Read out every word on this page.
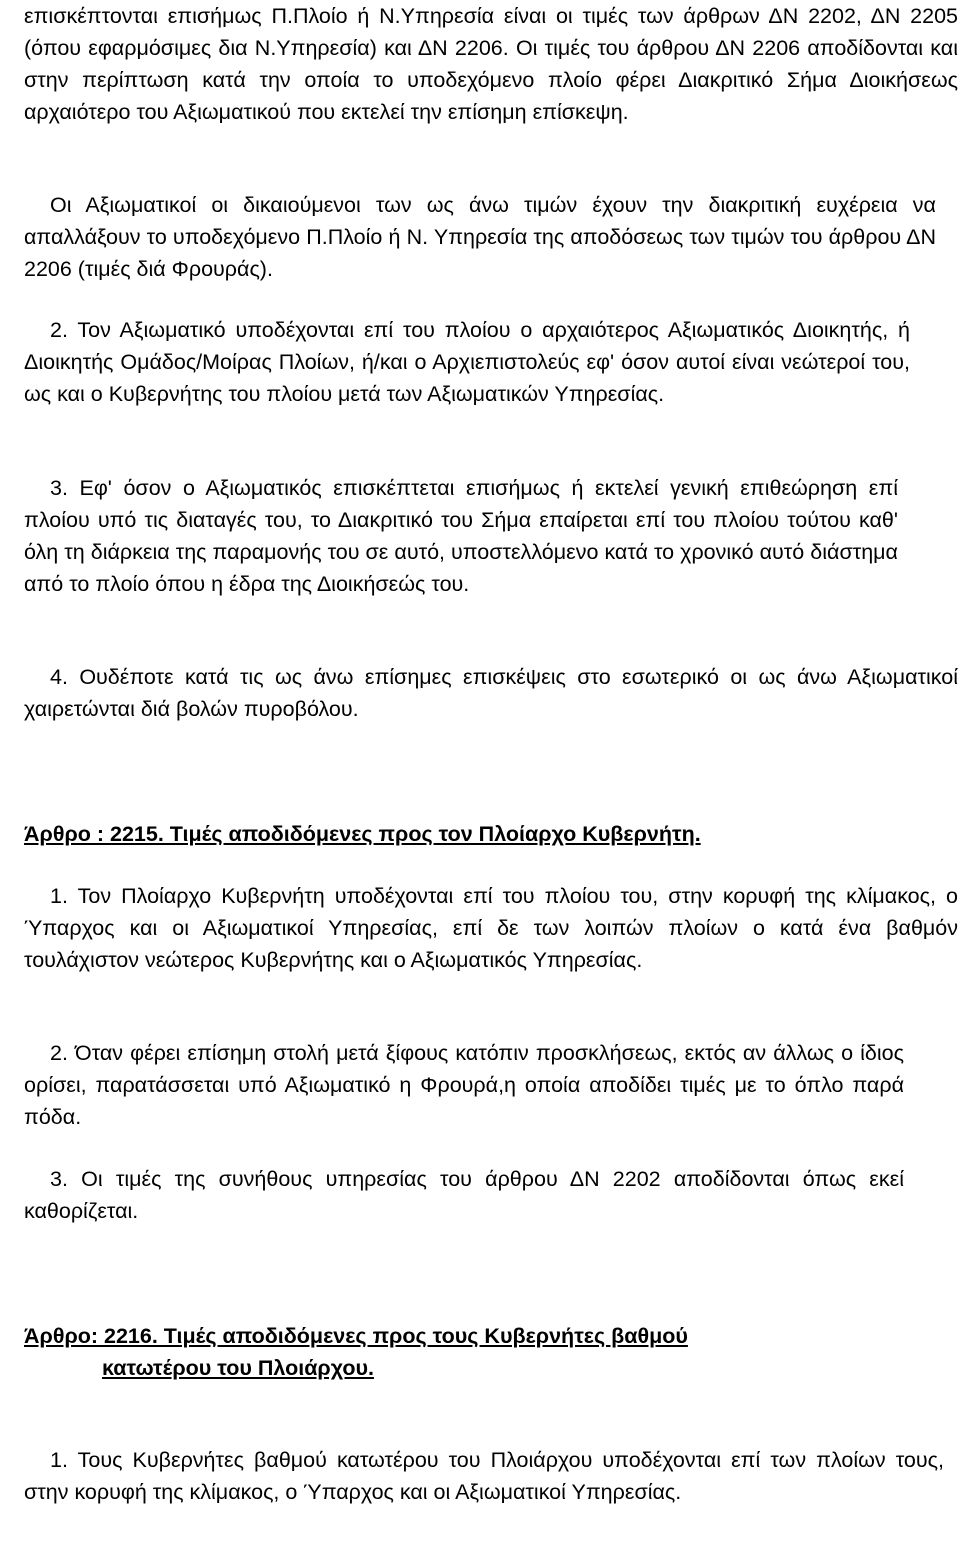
επισκέπτονται επισήμως Π.Πλοίο ή Ν.Υπηρεσία είναι οι τιμές των άρθρων ΔΝ 2202, ΔΝ 2205 (όπου εφαρμόσιμες δια Ν.Υπηρεσία) και ΔΝ 2206. Οι τιμές του άρθρου ΔΝ 2206 αποδίδονται και στην περίπτωση κατά την οποία το υποδεχόμενο πλοίο φέρει Διακριτικό Σήμα Διοικήσεως αρχαιότερο του Αξιωματικού που εκτελεί την επίσημη επίσκεψη.

Οι Αξιωματικοί οι δικαιούμενοι των ως άνω τιμών έχουν την διακριτική ευχέρεια να απαλλάξουν το υποδεχόμενο Π.Πλοίο ή Ν. Υπηρεσία της αποδόσεως των τιμών του άρθρου ΔΝ 2206 (τιμές διά Φρουράς).

2. Τον Αξιωματικό υποδέχονται επί του πλοίου ο αρχαιότερος Αξιωματικός Διοικητής, ή Διοικητής Ομάδος/Μοίρας Πλοίων, ή/και ο Αρχιεπιστολεύς εφ' όσον αυτοί είναι νεώτεροί του, ως και ο Κυβερνήτης του πλοίου μετά των Αξιωματικών Υπηρεσίας.

3. Εφ' όσον ο Αξιωματικός επισκέπτεται επισήμως ή εκτελεί γενική επιθεώρηση επί πλοίου υπό τις διαταγές του, το Διακριτικό του Σήμα επαίρεται επί του πλοίου τούτου καθ' όλη τη διάρκεια της παραμονής του σε αυτό, υποστελλόμενο κατά το χρονικό αυτό διάστημα από το πλοίο όπου η έδρα της Διοικήσεώς του.

4. Ουδέποτε κατά τις ως άνω επίσημες επισκέψεις στο εσωτερικό οι ως άνω Αξιωματικοί χαιρετώνται διά βολών πυροβόλου.

Άρθρο : 2215. Τιμές αποδιδόμενες προς τον Πλοίαρχο Κυβερνήτη.

1. Τον Πλοίαρχο Κυβερνήτη υποδέχονται επί του πλοίου του, στην κορυφή της κλίμακος, ο Ύπαρχος και οι Αξιωματικοί Υπηρεσίας, επί δε των λοιπών πλοίων ο κατά ένα βαθμόν τουλάχιστον νεώτερος Κυβερνήτης και ο Αξιωματικός Υπηρεσίας.

2. Όταν φέρει επίσημη στολή μετά ξίφους κατόπιν προσκλήσεως, εκτός αν άλλως ο ίδιος ορίσει, παρατάσσεται υπό Αξιωματικό η Φρουρά,η οποία αποδίδει τιμές με το όπλο παρά πόδα.

3. Οι τιμές της συνήθους υπηρεσίας του άρθρου ΔΝ 2202 αποδίδονται όπως εκεί καθορίζεται.

Άρθρο: 2216. Τιμές αποδιδόμενες προς τους Κυβερνήτες βαθμού

κατωτέρου του Πλοιάρχου.

1. Τους Κυβερνήτες βαθμού κατωτέρου του Πλοιάρχου υποδέχονται επί των πλοίων τους, στην κορυφή της κλίμακος, ο Ύπαρχος και οι Αξιωματικοί Υπηρεσίας.
